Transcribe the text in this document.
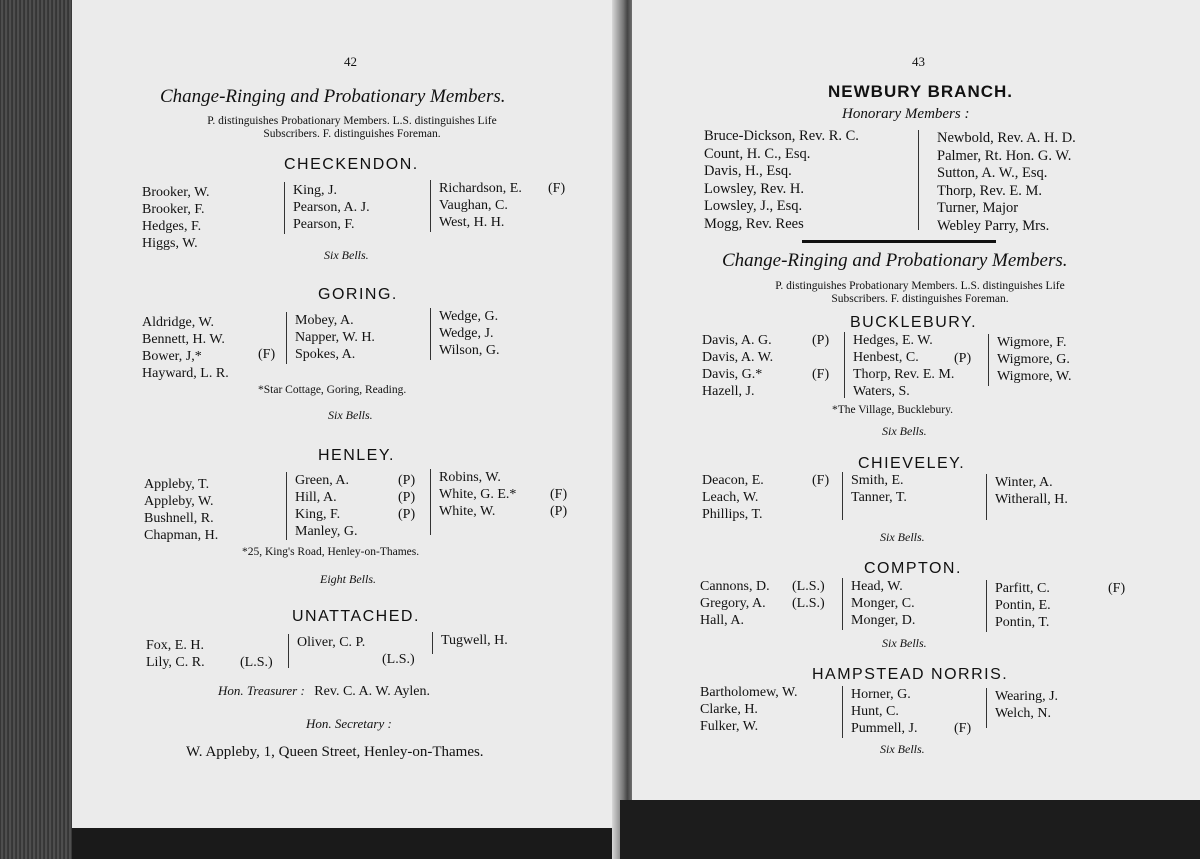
42
Change-Ringing and Probationary Members.
P. distinguishes Probationary Members. L.S. distinguishes Life
Subscribers. F. distinguishes Foreman.
CHECKENDON.
Brooker, W.
Brooker, F.
Hedges, F.
Higgs, W.
King, J.
Pearson, A. J.
Pearson, F.
Richardson, E.
Vaughan, C.
West, H. H.
(F)
Six Bells.
GORING.
Aldridge, W.
Bennett, H. W.
Bower, J,*
Hayward, L. R.
(F)
Mobey, A.
Napper, W. H.
Spokes, A.
Wedge, G.
Wedge, J.
Wilson, G.
*Star Cottage, Goring, Reading.
Six Bells.
HENLEY.
Appleby, T.
Appleby, W.
Bushnell, R.
Chapman, H.
Green, A.
Hill, A.
King, F.
Manley, G.
(P)
(P)
(P)
Robins, W.
White, G. E.*
White, W.
(F)
(P)
*25, King's Road, Henley-on-Thames.
Eight Bells.
UNATTACHED.
Fox, E. H.
Lily, C. R.	(L.S.)
Oliver, C. P.
(L.S.)
Tugwell, H.
Hon. Treasurer : Rev. C. A. W. Aylen.
Hon. Secretary :
W. Appleby, 1, Queen Street, Henley-on-Thames.
43
NEWBURY BRANCH.
Honorary Members :
Bruce-Dickson, Rev. R. C.
Count, H. C., Esq.
Davis, H., Esq.
Lowsley, Rev. H.
Lowsley, J., Esq.
Mogg, Rev. Rees
Newbold, Rev. A. H. D.
Palmer, Rt. Hon. G. W.
Sutton, A. W., Esq.
Thorp, Rev. E. M.
Turner, Major
Webley Parry, Mrs.
Change-Ringing and Probationary Members.
P. distinguishes Probationary Members. L.S. distinguishes Life
Subscribers. F. distinguishes Foreman.
BUCKLEBURY.
Davis, A. G.
Davis, A. W.
Davis, G.*
Hazell, J.
(P)
(F)
Hedges, E. W.
Henbest, C.
Thorp, Rev. E. M.
Waters, S.
(P)
Wigmore, F.
Wigmore, G.
Wigmore, W.
*The Village, Bucklebury.
Six Bells.
CHIEVELEY.
Deacon, E.
Leach, W.
Phillips, T.
(F) Smith, E.
Tanner, T.
Winter, A.
Witherall, H.
Six Bells.
COMPTON.
Cannons, D.
Gregory, A.
Hall, A.
(L.S.)
(L.S.)
Head, W.
Monger, C.
Monger, D.
Parfitt, C.
Pontin, E.
Pontin, T.
(F)
Six Bells.
HAMPSTEAD NORRIS.
Bartholomew, W.
Clarke, H.
Fulker, W.
Horner, G.
Hunt, C.
Pummell, J.	(F)
Wearing, J.
Welch, N.
Six Bells.
